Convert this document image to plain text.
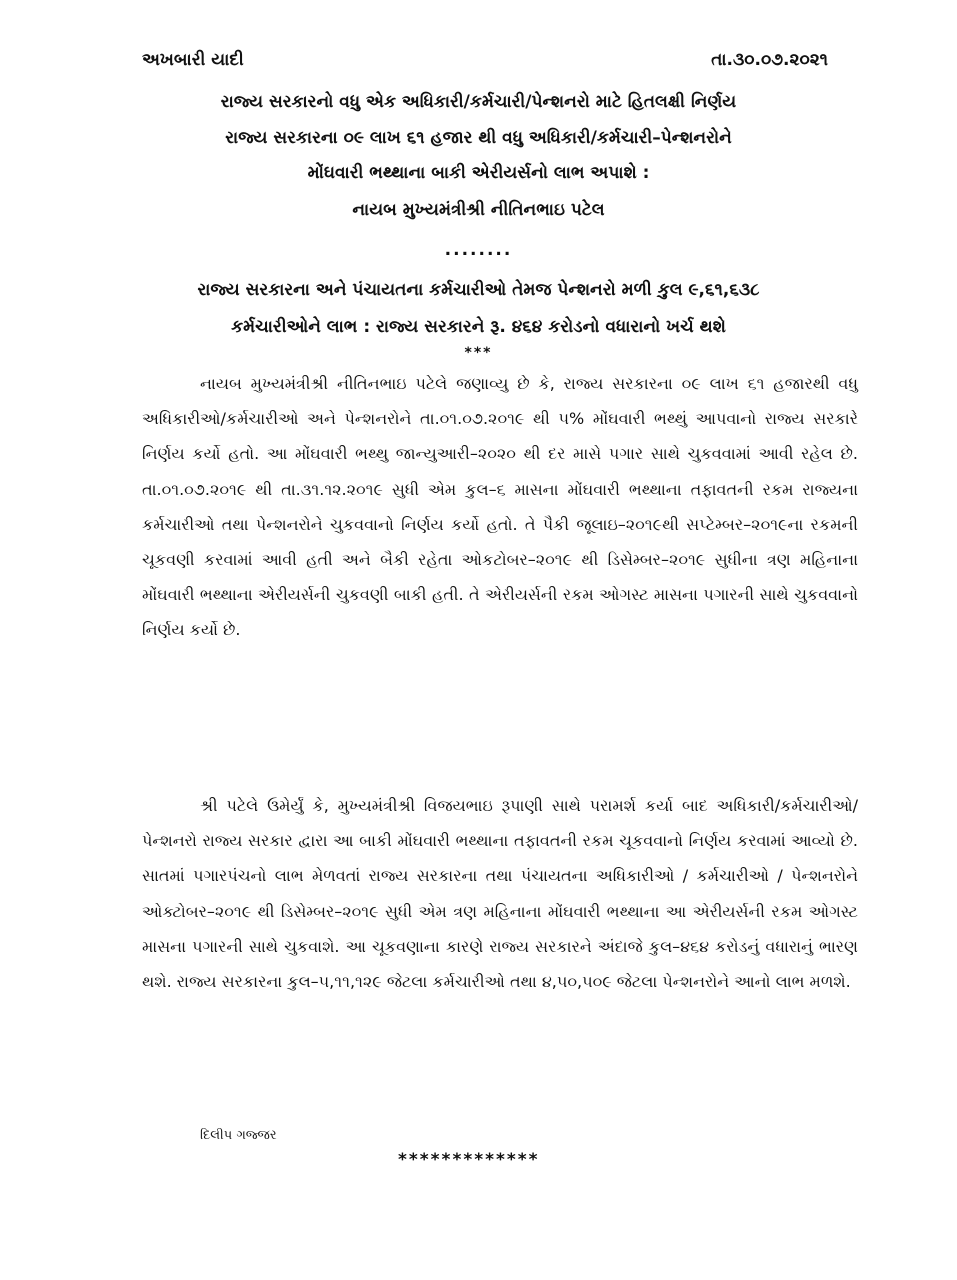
અખબારી યાદી	તા.૩૦.૦૭.૨૦૨૧
રાજ્ય સરકારનો વધુ એક અધિકારી/કર્મચારી/પેન્શનરો માટે હિતલક્ષી નિર્ણય
રાજ્ય સરકારના ૦૯ લાખ ૬૧ હજાર થી વધુ અધિકારી/કર્મચારી–પેન્શનરોને
મોંઘવારી ભથ્થાના બાકી એરીયર્સનો લાભ અપાશે :
નાયબ મુખ્યમંત્રીશ્રી નીતિનભાઇ પટેલ
........
રાજ્ય સરકારના અને પંચાયતના કર્મચારીઓ તેમજ પેન્શનરો મળી કુલ ૯,૬૧,૬૩૮
કર્મચારીઓને લાભ : રાજ્ય સરકારને રૂ. ૪૬૪ કરોડનો વધારાનો ખર્ચ થશે
***

નાયબ મુખ્યમંત્રીશ્રી નીતિનભાઇ પટેલે જણાવ્યુ છે કે, રાજ્ય સરકારના ૦૯ લાખ ૬૧ હજારથી વધુ અધિકારીઓ/કર્મચારીઓ અને પેન્શનરોને તા.૦૧.૦૭.૨૦૧૯ થી ૫% મોંઘવારી ભથ્થું આપવાનો રાજ્ય સરકારે નિર્ણય કર્યો હતો. આ મોંઘવારી ભથ્થુ જાન્યુઆરી–૨૦૨૦ થી દર માસે પગાર સાથે ચુકવવામાં આવી રહેલ છે. તા.૦૧.૦૭.૨૦૧૯ થી તા.૩૧.૧૨.૨૦૧૯ સુધી એમ કુલ–૬ માસના મોંઘવારી ભથ્થાના તફાવતની રકમ રાજ્યના કર્મચારીઓ તથા પેન્શનરોને ચુકવવાનો નિર્ણય કર્યો હતો. તે પૈકી જૂલાઇ–૨૦૧૯થી સપ્ટેમ્બર–૨૦૧૯ના રકમની ચૂકવણી કરવામાં આવી હતી અને બૈકી રહેતા ઓકટોબર–૨૦૧૯ થી ડિસેમ્બર–૨૦૧૯ સુધીના ત્રણ મહિનાના મોંઘવારી ભથ્થાના એરીયર્સની ચુકવણી બાકી હતી. તે એરીયર્સની રકમ ઓગસ્ટ માસના પગારની સાથે ચુકવવાનો નિર્ણય કર્યો છે.

શ્રી પટેલે ઉમેર્યું કે, મુખ્યમંત્રીશ્રી વિજયભાઇ રૂપાણી સાથે પરામર્શ કર્યા બાદ અધિકારી/કર્મચારીઓ/પેન્શનરો રાજ્ય સરકાર દ્વારા આ બાકી મોંઘવારી ભથ્થાના તફાવતની રકમ ચૂકવવાનો નિર્ણય કરવામાં આવ્યો છે. સાતમાં પગારપંચનો લાભ મેળવતાં રાજ્ય સરકારના તથા પંચાયતના અધિકારીઓ / કર્મચારીઓ / પેન્શનરોને ઓક્ટોબર–૨૦૧૯ થી ડિસેમ્બર–૨૦૧૯ સુધી એમ ત્રણ મહિનાના મોંઘવારી ભથ્થાના આ એરીયર્સની રકમ ઓગસ્ટ માસના પગારની સાથે ચુકવાશે. આ ચૂકવણાના કારણે રાજ્ય સરકારને અંદાજે કુલ–૪૬૪ કરોડનું વધારાનું ભારણ થશે. રાજ્ય સરકારના કુલ–૫,૧૧,૧૨૯ જેટલા કર્મચારીઓ તથા ૪,૫૦,૫૦૯ જેટલા પેન્શનરોને આનો લાભ મળશે.

દિલીપ ગજ્જર
*************
